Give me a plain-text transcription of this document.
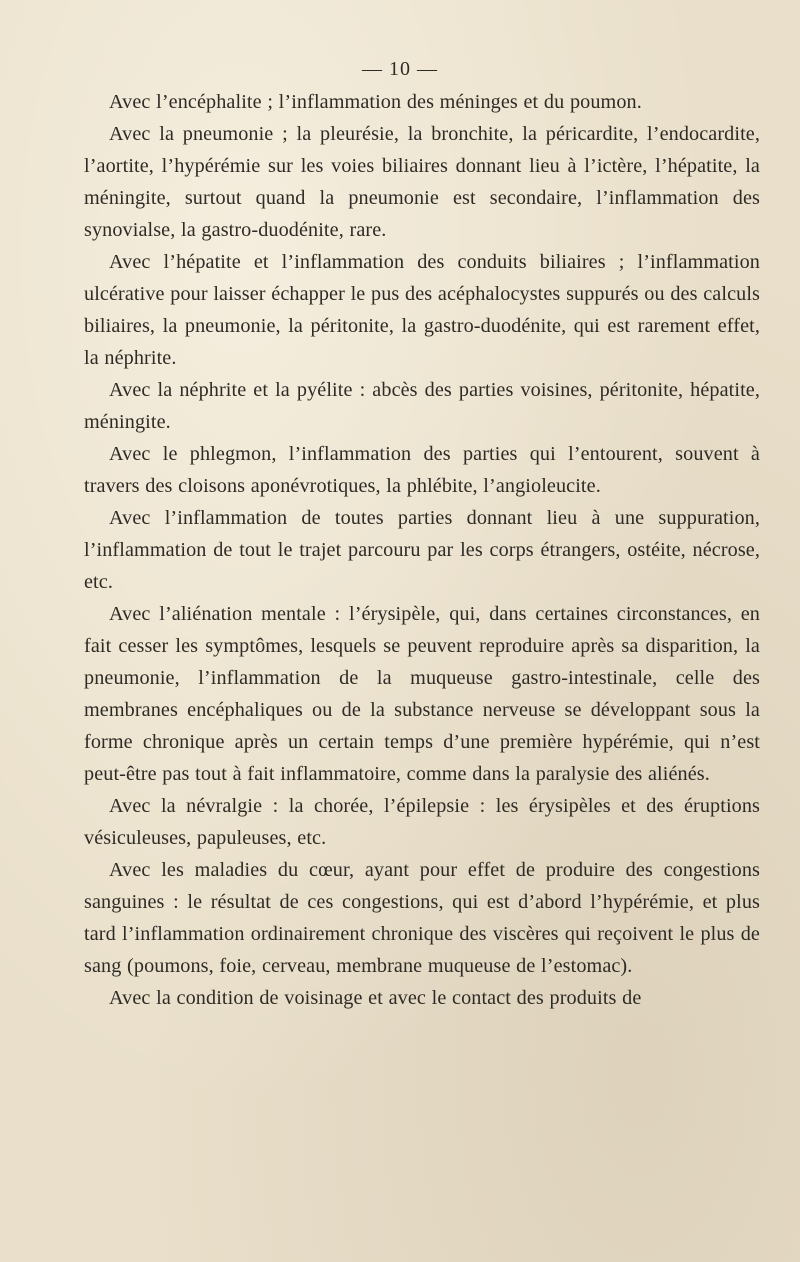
— 10 —

Avec l’encéphalite ; l’inflammation des méninges et du poumon.

Avec la pneumonie ; la pleurésie, la bronchite, la péricardite, l’endocardite, l’aortite, l’hypérémie sur les voies biliaires donnant lieu à l’ictère, l’hépatite, la méningite, surtout quand la pneumonie est secondaire, l’inflammation des synovialse, la gastro-duodénite, rare.

Avec l’hépatite et l’inflammation des conduits biliaires ; l’inflammation ulcérative pour laisser échapper le pus des acéphalocystes suppurés ou des calculs biliaires, la pneumonie, la péritonite, la gastro-duodénite, qui est rarement effet, la néphrite.

Avec la néphrite et la pyélite : abcès des parties voisines, péritonite, hépatite, méningite.

Avec le phlegmon, l’inflammation des parties qui l’entourent, souvent à travers des cloisons aponévrotiques, la phlébite, l’angioleucite.

Avec l’inflammation de toutes parties donnant lieu à une suppuration, l’inflammation de tout le trajet parcouru par les corps étrangers, ostéite, nécrose, etc.

Avec l’aliénation mentale : l’érysipèle, qui, dans certaines circonstances, en fait cesser les symptômes, lesquels se peuvent reproduire après sa disparition, la pneumonie, l’inflammation de la muqueuse gastro-intestinale, celle des membranes encéphaliques ou de la substance nerveuse se développant sous la forme chronique après un certain temps d’une première hypérémie, qui n’est peut-être pas tout à fait inflammatoire, comme dans la paralysie des aliénés.

Avec la névralgie : la chorée, l’épilepsie : les érysipèles et des éruptions vésiculeuses, papuleuses, etc.

Avec les maladies du cœur, ayant pour effet de produire des congestions sanguines : le résultat de ces congestions, qui est d’abord l’hypérémie, et plus tard l’inflammation ordinairement chronique des viscères qui reçoivent le plus de sang (poumons, foie, cerveau, membrane muqueuse de l’estomac).

Avec la condition de voisinage et avec le contact des produits de
